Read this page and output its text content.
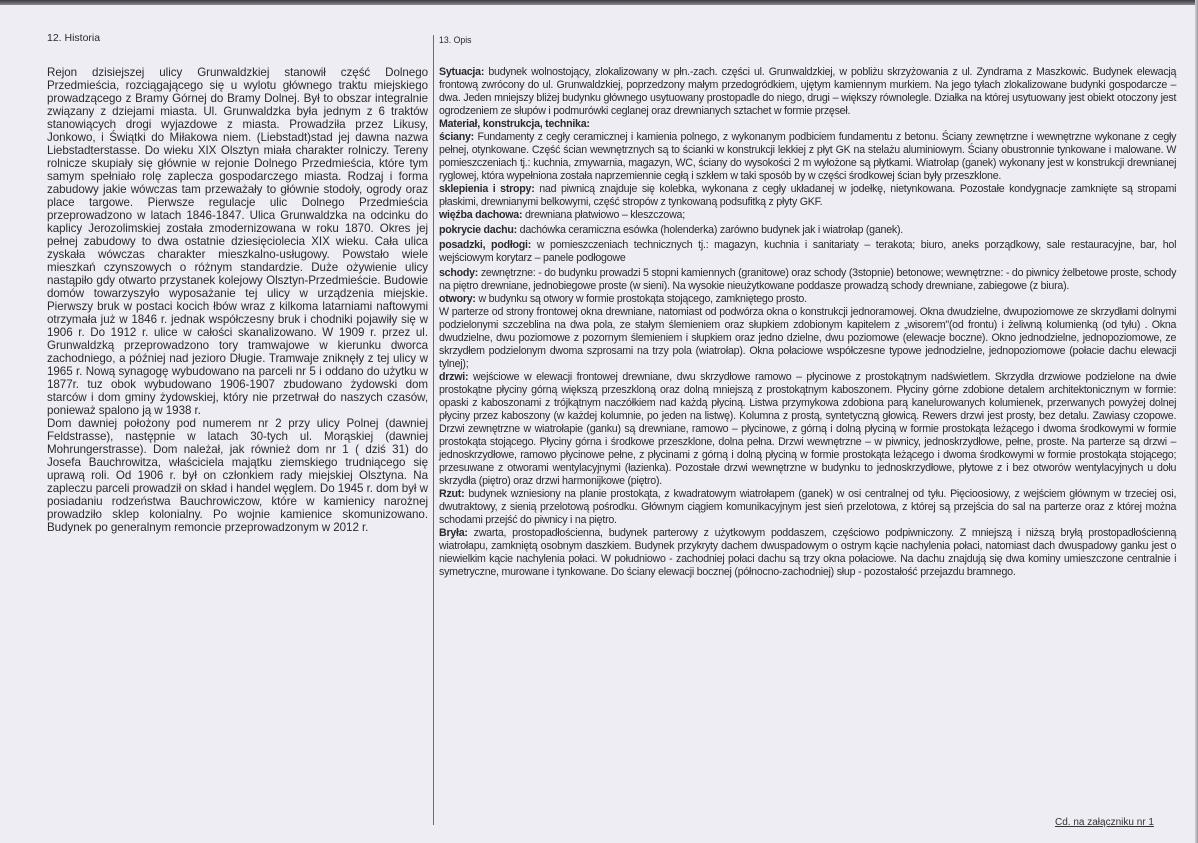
12. Historia

Rejon dzisiejszej ulicy Grunwaldzkiej stanowił część Dolnego Przedmieścia, rozciągającego się u wylotu głównego traktu miejskiego prowadzącego z Bramy Górnej do Bramy Dolnej. Był to obszar integralnie związany z dziejami miasta. Ul. Grunwaldzka była jednym z 6 traktów stanowiących drogi wyjazdowe z miasta. Prowadziła przez Likusy, Jonkowo, i Świątki do Miłakowa niem. (Liebstadt)stad jej dawna nazwa Liebstadterstasse. Do wieku XIX Olsztyn miała charakter rolniczy. Tereny rolnicze skupiały się głównie w rejonie Dolnego Przedmieścia, które tym samym spełniało rolę zaplecza gospodarczego miasta. Rodzaj i forma zabudowy jakie wówczas tam przeważały to głównie stodoły, ogrody oraz place targowe. Pierwsze regulacje ulic Dolnego Przedmieścia przeprowadzono w latach 1846-1847. Ulica Grunwaldzka na odcinku do kaplicy Jerozolimskiej została zmodernizowana w roku 1870. Okres jej pełnej zabudowy to dwa ostatnie dziesięciolecia XIX wieku. Cała ulica zyskała wówczas charakter mieszkalno-usługowy. Powstało wiele mieszkań czynszowych o różnym standardzie. Duże ożywienie ulicy nastąpiło gdy otwarto przystanek kolejowy Olsztyn-Przedmieście. Budowie domów towarzyszyło wyposażanie tej ulicy w urządzenia miejskie. Pierwszy bruk w postaci kocich łbów wraz z kilkoma latarniami naftowymi otrzymała już w 1846 r. jednak współczesny bruk i chodniki pojawiły się w 1906 r. Do 1912 r. ulice w całości skanalizowano. W 1909 r. przez ul. Grunwaldzką przeprowadzono tory tramwajowe w kierunku dworca zachodniego, a później nad jezioro Długie. Tramwaje zniknęły z tej ulicy w 1965 r. Nową synagogę wybudowano na parceli nr 5 i oddano do użytku w 1877r. tuz obok wybudowano 1906-1907 zbudowano żydowski dom starców i dom gminy żydowskiej, który nie przetrwał do naszych czasów, ponieważ spalono ją w 1938 r.

Dom dawniej położony pod numerem nr 2 przy ulicy Polnej (dawniej Feldstrasse), następnie w latach 30-tych ul. Morąskiej (dawniej Mohrungerstrasse). Dom należał, jak również dom nr 1 ( dziś 31) do Josefa Bauchrowitza, właściciela majątku ziemskiego trudniącego się uprawą roli. Od 1906 r. był on członkiem rady miejskiej Olsztyna. Na zapleczu parceli prowadził on skład i handel węglem. Do 1945 r. dom był w posiadaniu rodzeństwa Bauchrowiczow, które w kamienicy narożnej prowadziło sklep kolonialny. Po wojnie kamienice skomunizowano. Budynek po generalnym remoncie przeprowadzonym w 2012 r.

13. Opis

Sytuacja: budynek wolnostojący, zlokalizowany w płn.-zach. części ul. Grunwaldzkiej, w pobliżu skrzyżowania z ul. Zyndrama z Maszkowic. Budynek elewacją frontową zwrócony do ul. Grunwaldzkiej, poprzedzony małym przedogródkiem, ujętym kamiennym murkiem. Na jego tyłach zlokalizowane budynki gospodarcze – dwa. Jeden mniejszy bliżej budynku głównego usytuowany prostopadle do niego, drugi – większy równolegle. Działka na której usytuowany jest obiekt otoczony jest ogrodzeniem ze słupów i podmurówki ceglanej oraz drewnianych sztachet w formie przęseł.

Materiał, konstrukcja, technika:

ściany: Fundamenty z cegły ceramicznej i kamienia polnego, z wykonanym podbiciem fundamentu z betonu. Ściany zewnętrzne i wewnętrzne wykonane z cegły pełnej, otynkowane. Część ścian wewnętrznych są to ścianki w konstrukcji lekkiej z płyt GK na stelażu aluminiowym. Ściany obustronnie tynkowane i malowane. W pomieszczeniach tj.: kuchnia, zmywarnia, magazyn, WC, ściany do wysokości 2 m wyłożone są płytkami. Wiatrołap (ganek) wykonany jest w konstrukcji drewnianej ryglowej, która wypełniona została naprzemiennie cegłą i szkłem w taki sposób by w części środkowej ścian były przeszklone.

sklepienia i stropy: nad piwnicą znajduje się kolebka, wykonana z cegły układanej w jodełkę, nietynkowana. Pozostałe kondygnacje zamknięte są stropami płaskimi, drewnianymi belkowymi, część stropów z tynkowaną podsufitką z płyty GKF.

więźba dachowa: drewniana płatwiowo – kleszczowa;

pokrycie dachu: dachówka ceramiczna esówka (holenderka) zarówno budynek jak i wiatrołap (ganek).

posadzki, podłogi: w pomieszczeniach technicznych tj.: magazyn, kuchnia i sanitariaty – terakota; biuro, aneks porządkowy, sale restauracyjne, bar, hol wejściowym korytarz – panele podłogowe

schody: zewnętrzne: - do budynku prowadzi 5 stopni kamiennych (granitowe) oraz schody (3stopnie) betonowe; wewnętrzne: - do piwnicy żelbetowe proste, schody na piętro drewniane, jednobiegowe proste (w sieni). Na wysokie nieużytkowane poddasze prowadzą schody drewniane, zabiegowe (z biura).

otwory: w budynku są otwory w formie prostokąta stojącego, zamkniętego prosto.

W parterze od strony frontowej okna drewniane, natomiast od podwórza okna o konstrukcji jednoramowej. Okna dwudzielne, dwupoziomowe ze skrzydłami dolnymi podzielonymi szczeblina na dwa pola, ze stałym ślemieniem oraz słupkiem zdobionym kapitelem z „wisorem"(od frontu) i żeliwną kolumienką (od tyłu) . Okna dwudzielne, dwu poziomowe z pozornym ślemieniem i słupkiem oraz jedno dzielne, dwu poziomowe (elewacje boczne). Okno jednodzielne, jednopoziomowe, ze skrzydłem podzielonym dwoma szprosami na trzy pola (wiatrołap). Okna połaciowe współczesne typowe jednodzielne, jednopoziomowe (połacie dachu elewacji tylnej);

drzwi: wejściowe w elewacji frontowej drewniane, dwu skrzydłowe ramowo – płycinowe z prostokątnym nadświetlem. Skrzydła drzwiowe podzielone na dwie prostokątne płyciny górną większą przeszkloną oraz dolną mniejszą z prostokątnym kaboszonem. Płyciny górne zdobione detalem architektonicznym w formie: opaski z kaboszonami z trójkątnym naczółkiem nad każdą płyciną. Listwa przymykowa zdobiona parą kanelurowanych kolumienek, przerwanych powyżej dolnej płyciny przez kaboszony (w każdej kolumnie, po jeden na listwę). Kolumna z prostą, syntetyczną głowicą. Rewers drzwi jest prosty, bez detalu. Zawiasy czopowe. Drzwi zewnętrzne w wiatrołapie (ganku) są drewniane, ramowo – płycinowe, z górną i dolną płyciną w formie prostokąta leżącego i dwoma środkowymi w formie prostokąta stojącego. Płyciny górna i środkowe przeszklone, dolna pełna. Drzwi wewnętrzne – w piwnicy, jednoskrzydłowe, pełne, proste. Na parterze są drzwi – jednoskrzydłowe, ramowo płycinowe pełne, z płycinami z górną i dolną płyciną w formie prostokąta leżącego i dwoma środkowymi w formie prostokąta stojącego; przesuwane z otworami wentylacyjnymi (łazienka). Pozostałe drzwi wewnętrzne w budynku to jednoskrzydłowe, płytowe z i bez otworów wentylacyjnych u dołu skrzydła (piętro) oraz drzwi harmonijkowe (piętro).

Rzut: budynek wzniesiony na planie prostokąta, z kwadratowym wiatrołapem (ganek) w osi centralnej od tyłu. Pięcioosiowy, z wejściem głównym w trzeciej osi, dwutraktowy, z sienią przelotową pośrodku. Głównym ciągiem komunikacyjnym jest sień przelotowa, z której są przejścia do sal na parterze oraz z której można schodami przejść do piwnicy i na piętro.

Bryła: zwarta, prostopadłościenna, budynek parterowy z użytkowym poddaszem, częściowo podpiwniczony. Z mniejszą i niższą bryłą prostopadłościenną wiatrołapu, zamkniętą osobnym daszkiem. Budynek przykryty dachem dwuspadowym o ostrym kącie nachylenia połaci, natomiast dach dwuspadowy ganku jest o niewielkim kącie nachylenia połaci. W południowo - zachodniej połaci dachu są trzy okna połaciowe. Na dachu znajdują się dwa kominy umieszczone centralnie i symetryczne, murowane i tynkowane. Do ściany elewacji bocznej (północno-zachodniej) słup - pozostałość przejazdu bramnego.

Cd. na załączniku nr 1
